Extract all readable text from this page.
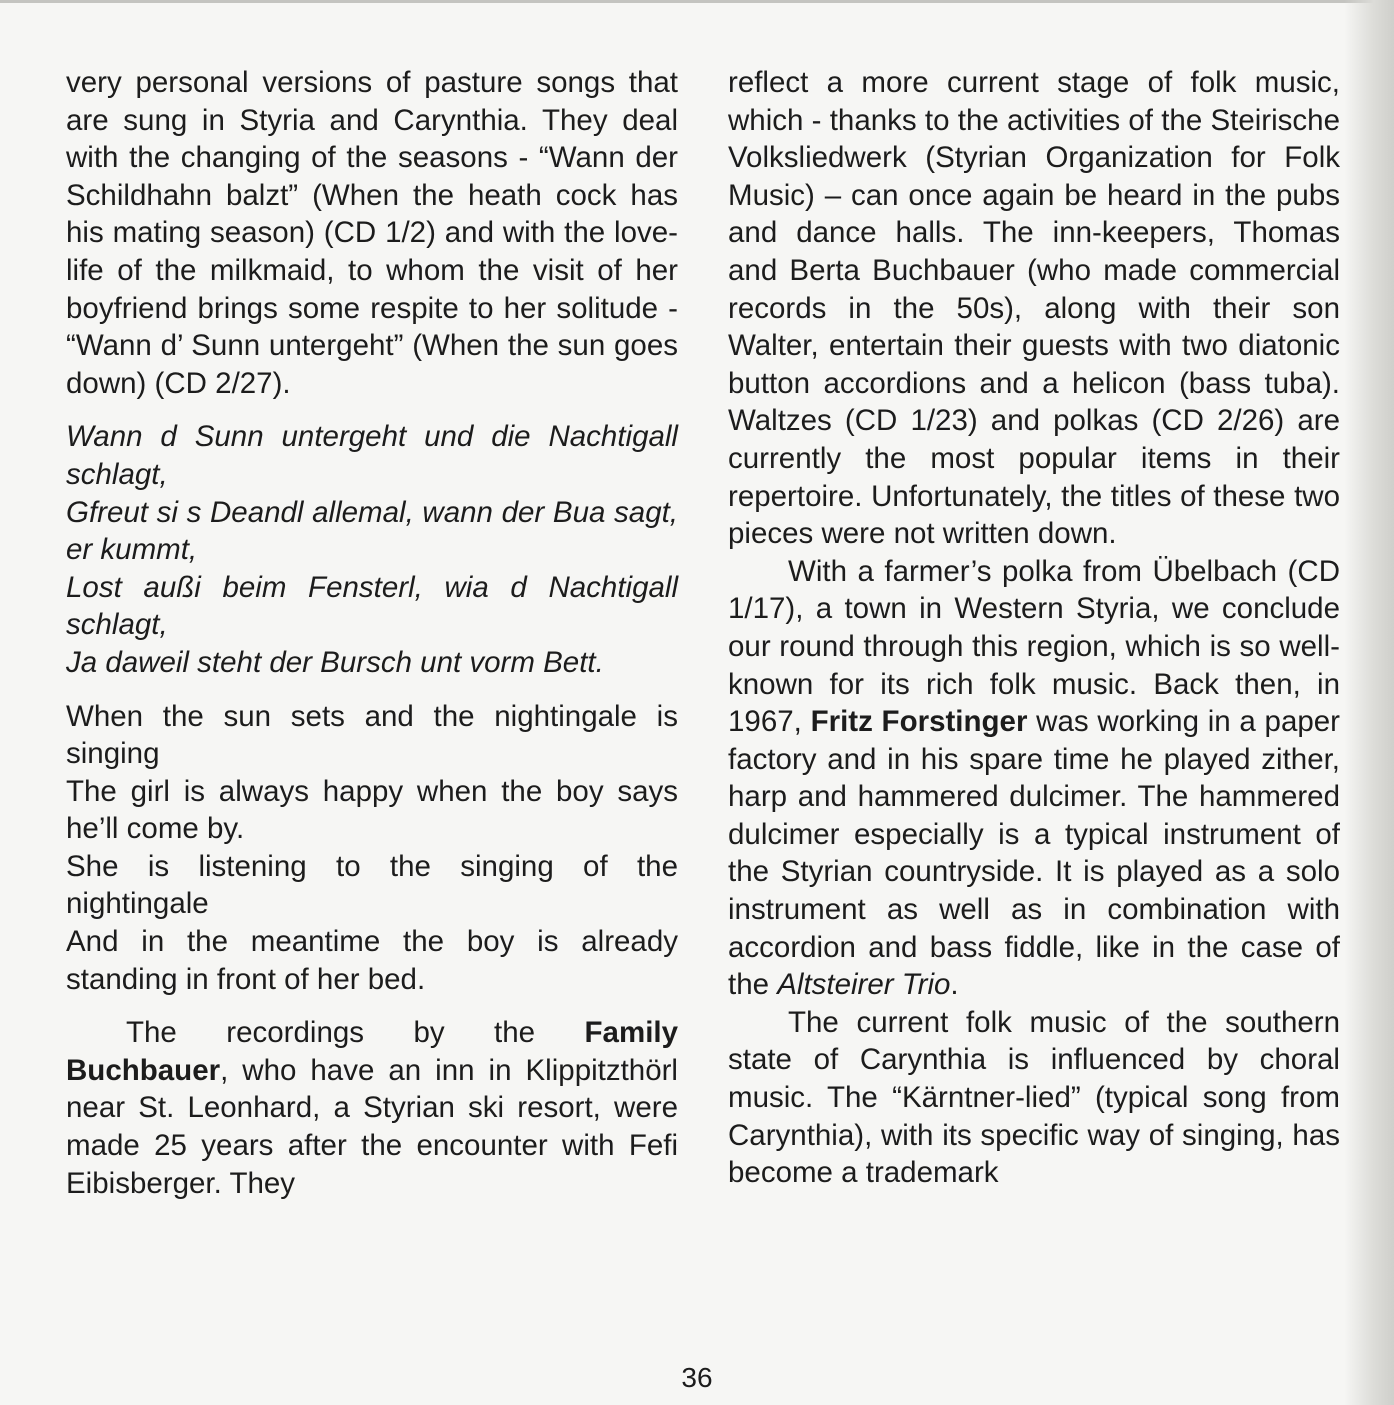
very personal versions of pasture songs that are sung in Styria and Carynthia. They deal with the changing of the seasons - “Wann der Schildhahn balzt” (When the heath cock has his mating season) (CD 1/2) and with the love-life of the milkmaid, to whom the visit of her boyfriend brings some respite to her solitude - “Wann d’ Sunn untergeht” (When the sun goes down) (CD 2/27).

Wann d Sunn untergeht und die Nachtigall schlagt,

Gfreut si s Deandl allemal, wann der Bua sagt, er kummt,

Lost außi beim Fensterl, wia d Nachtigall schlagt,

Ja daweil steht der Bursch unt vorm Bett.

When the sun sets and the nightingale is singing

The girl is always happy when the boy says he’ll come by.

She is listening to the singing of the nightingale

And in the meantime the boy is already standing in front of her bed.

The recordings by the Family Buchbauer, who have an inn in Klippitzthörl near St. Leonhard, a Styrian ski resort, were made 25 years after the encounter with Fefi Eibisberger. They

reflect a more current stage of folk music, which - thanks to the activities of the Steirische Volksliedwerk (Styrian Organization for Folk Music) – can once again be heard in the pubs and dance halls. The inn-keepers, Thomas and Berta Buchbauer (who made commercial records in the 50s), along with their son Walter, entertain their guests with two diatonic button accordions and a helicon (bass tuba). Waltzes (CD 1/23) and polkas (CD 2/26) are currently the most popular items in their repertoire. Unfortunately, the titles of these two pieces were not written down.

With a farmer’s polka from Übelbach (CD 1/17), a town in Western Styria, we conclude our round through this region, which is so well-known for its rich folk music. Back then, in 1967, Fritz Forstinger was working in a paper factory and in his spare time he played zither, harp and hammered dulcimer. The hammered dulcimer especially is a typical instrument of the Styrian countryside. It is played as a solo instrument as well as in combination with accordion and bass fiddle, like in the case of the Altsteirer Trio.

The current folk music of the southern state of Carynthia is influenced by choral music. The “Kärntner-lied” (typical song from Carynthia), with its specific way of singing, has become a trademark

36
